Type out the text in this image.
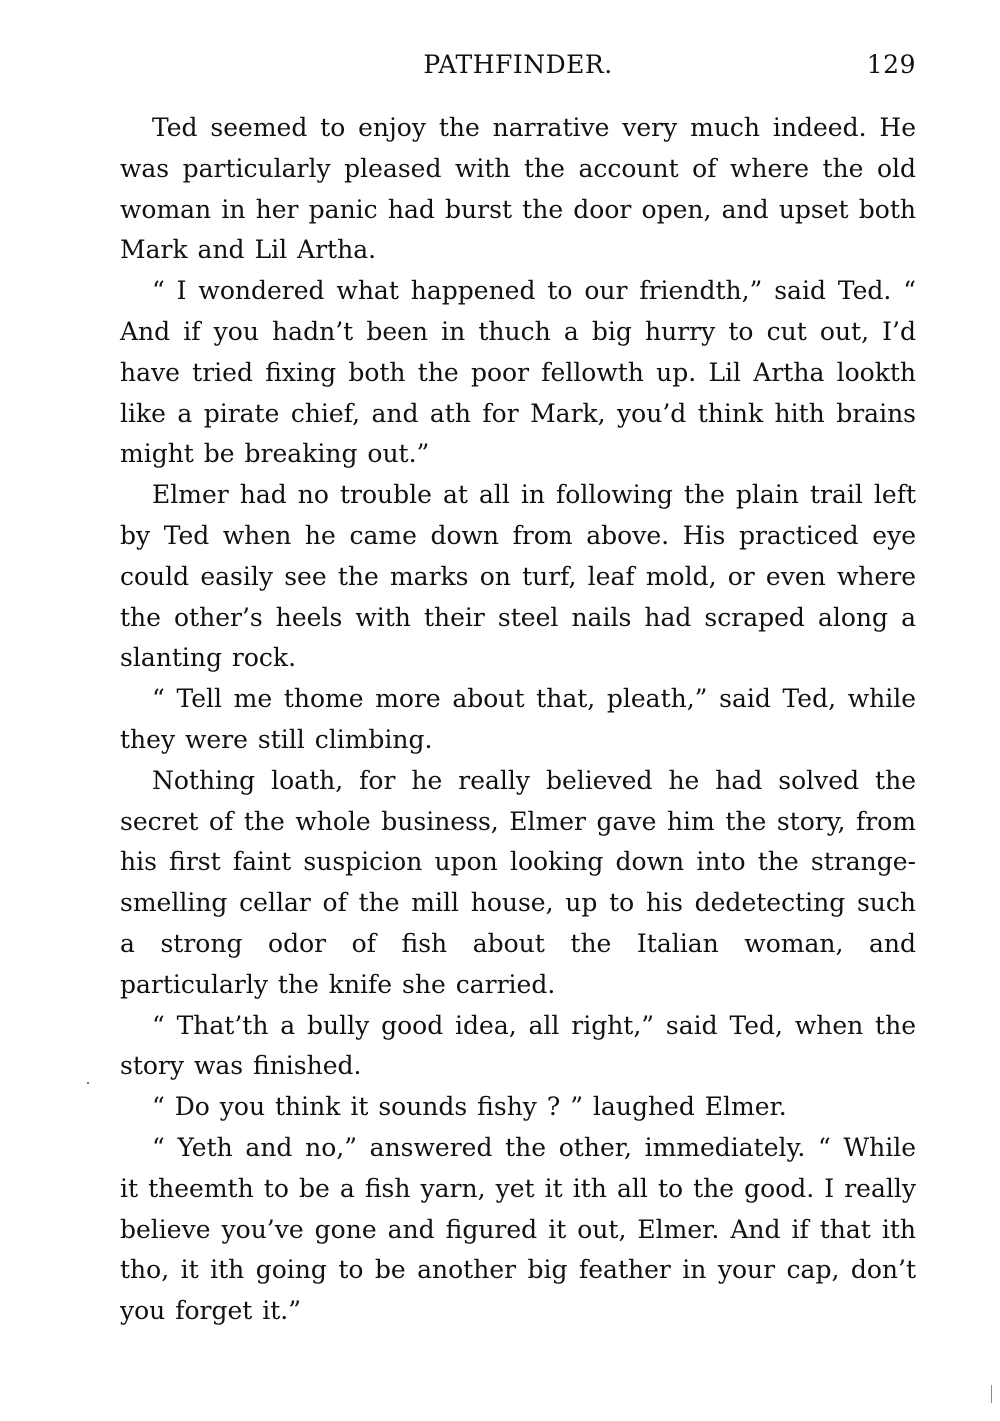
PATHFINDER.	129

Ted seemed to enjoy the narrative very much indeed. He was particularly pleased with the account of where the old woman in her panic had burst the door open, and upset both Mark and Lil Artha.

“ I wondered what happened to our friendth,” said Ted. “ And if you hadn’t been in thuch a big hurry to cut out, I’d have tried fixing both the poor fellowth up. Lil Artha lookth like a pirate chief, and ath for Mark, you’d think hith brains might be breaking out.”

Elmer had no trouble at all in following the plain trail left by Ted when he came down from above. His practiced eye could easily see the marks on turf, leaf mold, or even where the other’s heels with their steel nails had scraped along a slanting rock.

“ Tell me thome more about that, pleath,” said Ted, while they were still climbing.

Nothing loath, for he really believed he had solved the secret of the whole business, Elmer gave him the story, from his first faint suspicion upon looking down into the strange-smelling cellar of the mill house, up to his dedetecting such a strong odor of fish about the Italian woman, and particularly the knife she carried.

“ That’th a bully good idea, all right,” said Ted, when the story was finished.

“ Do you think it sounds fishy ? ” laughed Elmer.

“ Yeth and no,” answered the other, immediately. “ While it theemth to be a fish yarn, yet it ith all to the good. I really believe you’ve gone and figured it out, Elmer. And if that ith tho, it ith going to be another big feather in your cap, don’t you forget it.”
